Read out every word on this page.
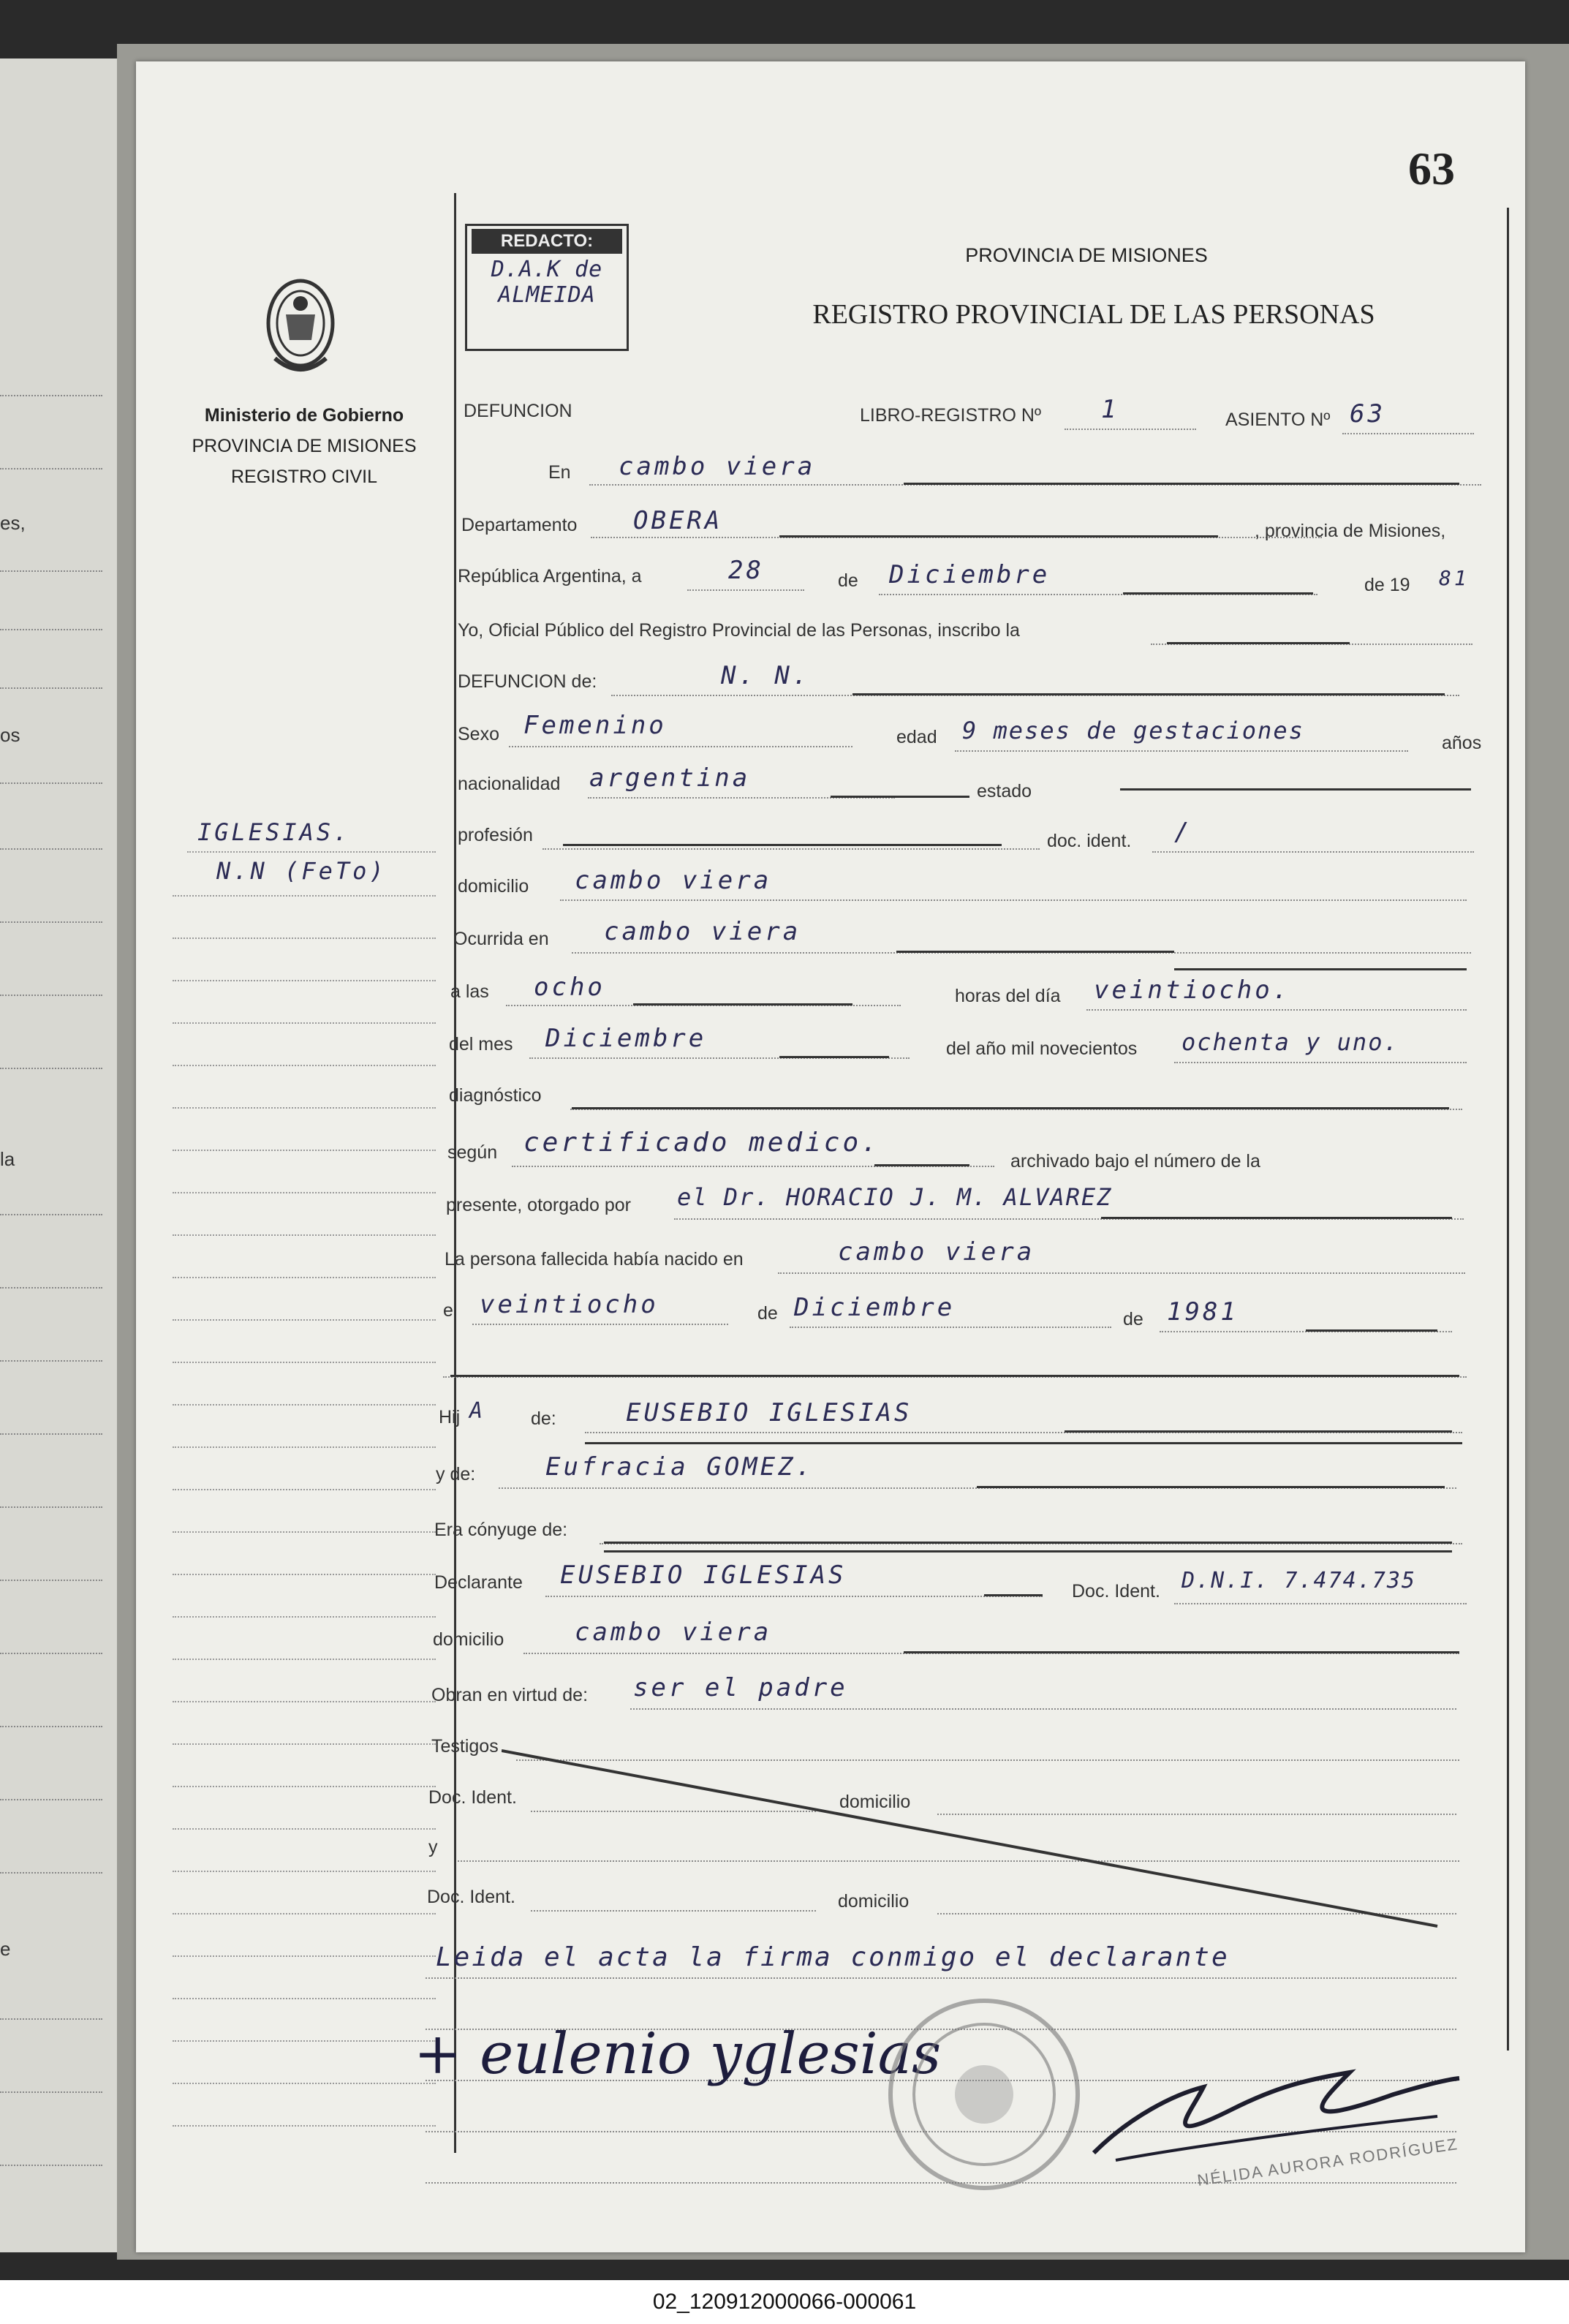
es,
os
la
e
63
REDACTO:
D.A.K de
ALMEIDA
Ministerio de Gobierno
PROVINCIA DE MISIONES
REGISTRO CIVIL
IGLESIAS.
N.N (FeTo)
PROVINCIA DE MISIONES
REGISTRO PROVINCIAL DE LAS PERSONAS
DEFUNCION	LIBRO-REGISTRO Nº 1	ASIENTO Nº 63
En cambo viera
Departamento OBERA	, provincia de Misiones,
República Argentina, a	28	de Diciembre	de 19 81
Yo, Oficial Público del Registro Provincial de las Personas, inscribo la
DEFUNCION de:	N. N.
Sexo Femenino	edad 9 meses de gestaciones	años
nacionalidad argentina	estado
profesión	doc. ident. /
domicilio cambo viera
Ocurrida en cambo viera
a las ocho	horas del día veintiocho.
del mes Diciembre	del año mil novecientos ochenta y uno.
diagnóstico
según certificado medico.
archivado bajo el número de la
presente, otorgado por el Dr. HORACIO J. M. ALVAREZ
La persona fallecida había nacido en	cambo viera
el veintiocho	de Diciembre	de 1981
Hij A de:	EUSEBIO IGLESIAS
y de:	Eufracia GOMEZ.
Era cónyuge de:
Declarante EUSEBIO IGLESIAS
Doc. Ident. D.N.I. 7.474.735
domicilio	cambo viera
Obran en virtud de: ser el padre
Testigos
Doc. Ident.	domicilio
y
Doc. Ident.	domicilio
Leida el acta la firma conmigo el declarante
+ eulenio yglesias
NÉLIDA AURORA RODRÍGUEZ
02_120912000066-000061
